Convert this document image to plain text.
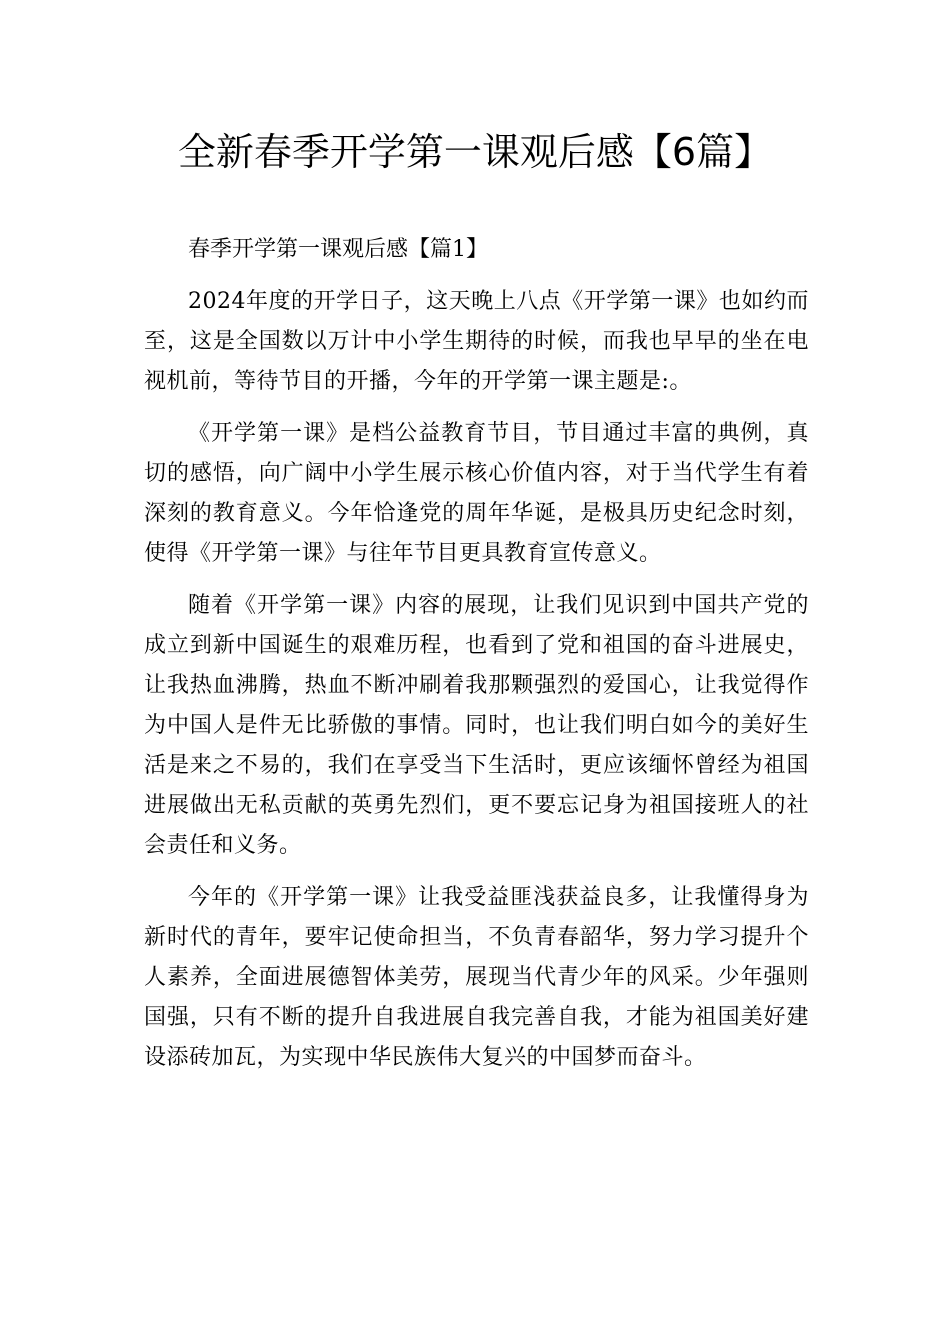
全新春季开学第一课观后感【6篇】

春季开学第一课观后感【篇1】

2024年度的开学日子，这天晚上八点《开学第一课》也如约而至，这是全国数以万计中小学生期待的时候，而我也早早的坐在电视机前，等待节目的开播，今年的开学第一课主题是:。

《开学第一课》是档公益教育节目，节目通过丰富的典例，真切的感悟，向广阔中小学生展示核心价值内容，对于当代学生有着深刻的教育意义。今年恰逢党的周年华诞，是极具历史纪念时刻，使得《开学第一课》与往年节目更具教育宣传意义。

随着《开学第一课》内容的展现，让我们见识到中国共产党的成立到新中国诞生的艰难历程，也看到了党和祖国的奋斗进展史，让我热血沸腾，热血不断冲刷着我那颗强烈的爱国心，让我觉得作为中国人是件无比骄傲的事情。同时，也让我们明白如今的美好生活是来之不易的，我们在享受当下生活时，更应该缅怀曾经为祖国进展做出无私贡献的英勇先烈们，更不要忘记身为祖国接班人的社会责任和义务。

今年的《开学第一课》让我受益匪浅获益良多，让我懂得身为新时代的青年，要牢记使命担当，不负青春韶华，努力学习提升个人素养，全面进展德智体美劳，展现当代青少年的风采。少年强则国强，只有不断的提升自我进展自我完善自我，才能为祖国美好建设添砖加瓦，为实现中华民族伟大复兴的中国梦而奋斗。
